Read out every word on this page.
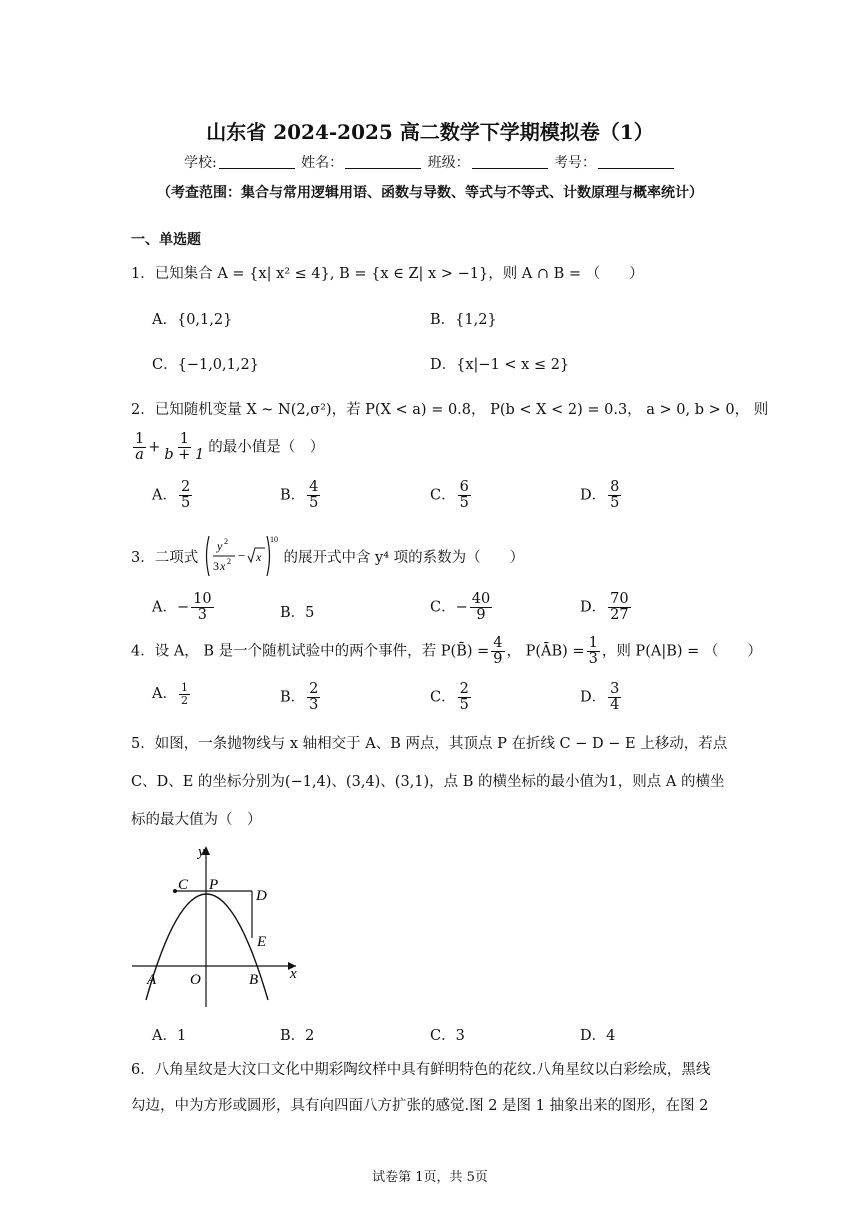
山东省 2024-2025 高二数学下学期模拟卷（1）
学校:	姓名：	班级：	考号：
（考查范围：集合与常用逻辑用语、函数与导数、等式与不等式、计数原理与概率统计）
一、单选题
1．已知集合 A = {x| x² ≤ 4}, B = {x ∈ Z| x > −1}，则 A ∩ B = （　　）
A．{0,1,2}	B．{1,2}
C．{−1,0,1,2}	D．{x|−1 < x ≤ 2}
2．已知随机变量 X ~ N(2,σ²)，若 P(X < a) = 0.8， P(b < X < 2) = 0.3， a > 0, b > 0， 则
$\frac{1}{a} + \frac{1}{b + 1}$ 的最小值是（　）
A． $\frac{2}{5}$	B． $\frac{4}{5}$	C． $\frac{6}{5}$	D． $\frac{8}{5}$
3．二项式
y 2
3 x 2 − x
10
的展开式中含 y⁴ 项的系数为（　　）
A．− $\frac{10}{3}$	B．5	C．− $\frac{40}{9}$	D． $\frac{70}{27}$
4．设 A， B 是一个随机试验中的两个事件，若 P(B̄) = $\frac{4}{9}$ ， P(ĀB) = $\frac{1}{3}$ ，则 P(A|B) = （　　）
A． $\frac{1}{2}$	B． $\frac{2}{3}$	C． $\frac{2}{5}$	D． $\frac{3}{4}$
5．如图，一条抛物线与 x 轴相交于 A、B 两点，其顶点 P 在折线 C − D − E 上移动，若点
C、D、E 的坐标分别为(−1,4)、(3,4)、(3,1)，点 B 的横坐标的最小值为1，则点 A 的横坐
标的最大值为（　）
y
x
C P
D
E
A O	B
A．1	B．2	C．3	D．4
6．八角星纹是大汶口文化中期彩陶纹样中具有鲜明特色的花纹.八角星纹以白彩绘成，黑线
勾边，中为方形或圆形，具有向四面八方扩张的感觉.图 2 是图 1 抽象出来的图形，在图 2
试卷第 1页，共 5页
